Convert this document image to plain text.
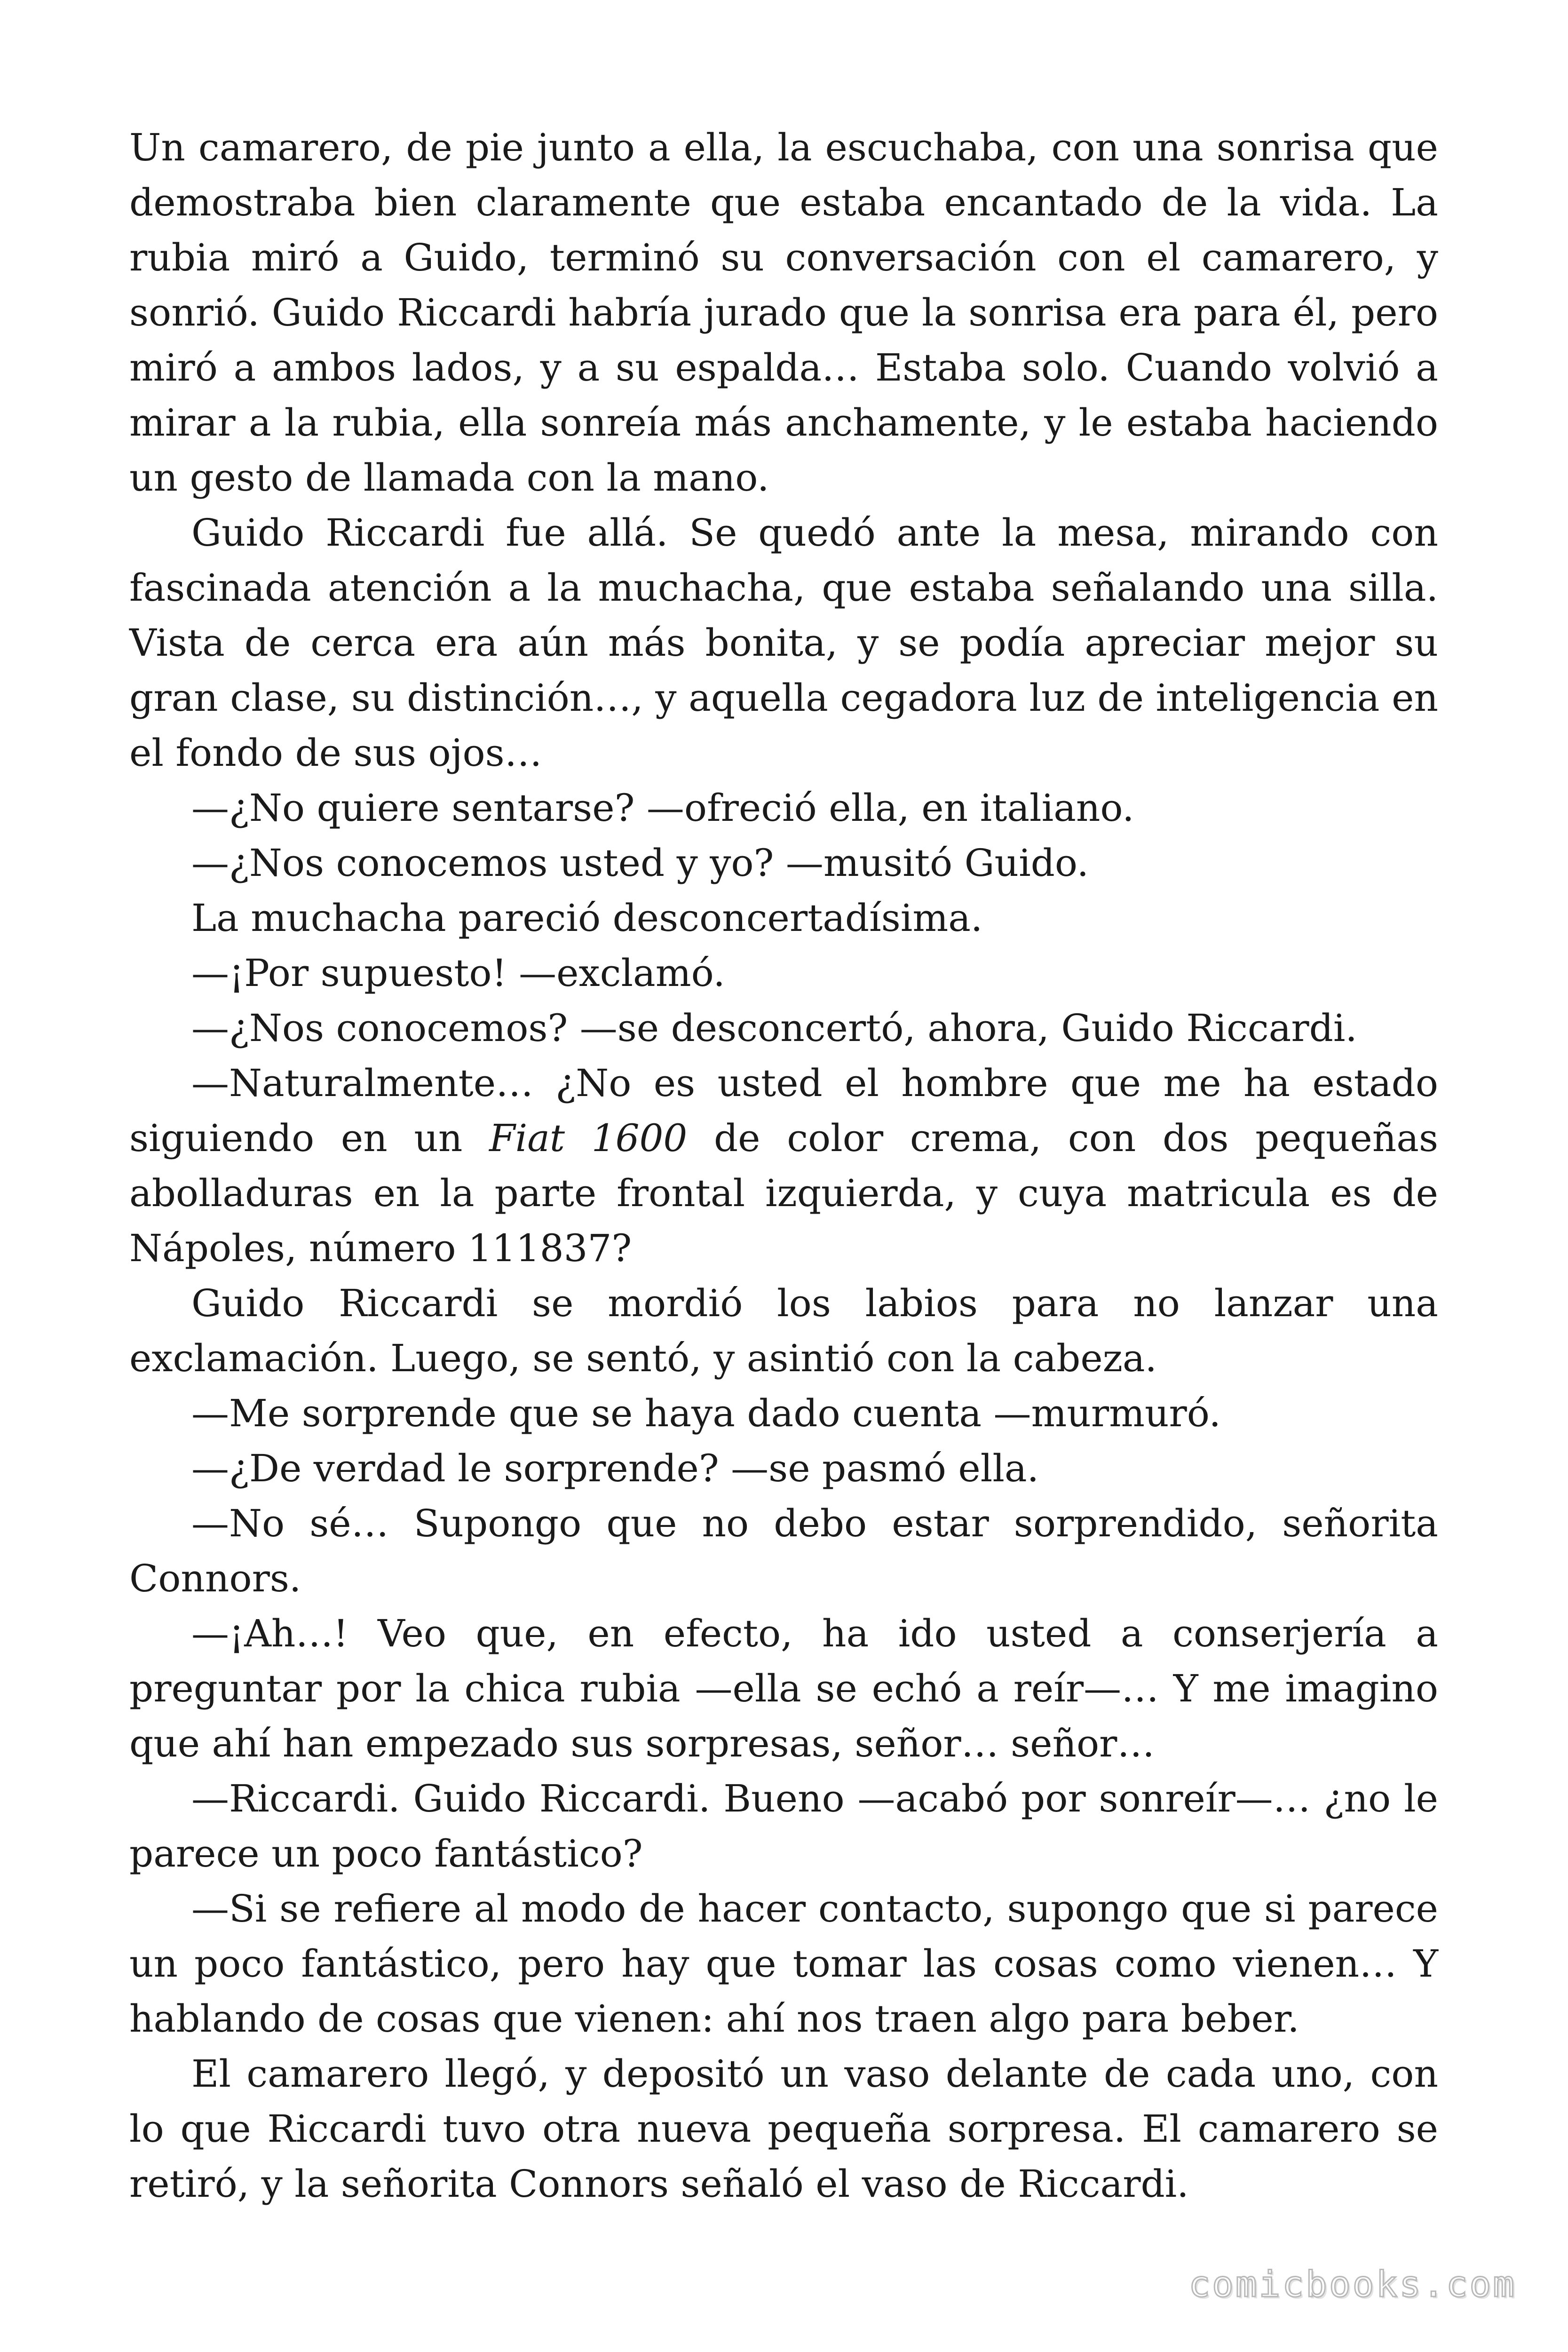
Un camarero, de pie junto a ella, la escuchaba, con una sonrisa que demostraba bien claramente que estaba encantado de la vida. La rubia miró a Guido, terminó su conversación con el camarero, y sonrió. Guido Riccardi habría jurado que la sonrisa era para él, pero miró a ambos lados, y a su espalda… Estaba solo. Cuando volvió a mirar a la rubia, ella sonreía más anchamente, y le estaba haciendo un gesto de llamada con la mano.

Guido Riccardi fue allá. Se quedó ante la mesa, mirando con fascinada atención a la muchacha, que estaba señalando una silla. Vista de cerca era aún más bonita, y se podía apreciar mejor su gran clase, su distinción…, y aquella cegadora luz de inteligencia en el fondo de sus ojos…

—¿No quiere sentarse? —ofreció ella, en italiano.

—¿Nos conocemos usted y yo? —musitó Guido.

La muchacha pareció desconcertadísima.

—¡Por supuesto! —exclamó.

—¿Nos conocemos? —se desconcertó, ahora, Guido Riccardi.

—Naturalmente… ¿No es usted el hombre que me ha estado siguiendo en un Fiat 1600 de color crema, con dos pequeñas abolladuras en la parte frontal izquierda, y cuya matricula es de Nápoles, número 111837?

Guido Riccardi se mordió los labios para no lanzar una exclamación. Luego, se sentó, y asintió con la cabeza.

—Me sorprende que se haya dado cuenta —murmuró.

—¿De verdad le sorprende? —se pasmó ella.

—No sé… Supongo que no debo estar sorprendido, señorita Connors.

—¡Ah…! Veo que, en efecto, ha ido usted a conserjería a preguntar por la chica rubia —ella se echó a reír—… Y me imagino que ahí han empezado sus sorpresas, señor… señor…

—Riccardi. Guido Riccardi. Bueno —acabó por sonreír—… ¿no le parece un poco fantástico?

—Si se refiere al modo de hacer contacto, supongo que si parece un poco fantástico, pero hay que tomar las cosas como vienen… Y hablando de cosas que vienen: ahí nos traen algo para beber.

El camarero llegó, y depositó un vaso delante de cada uno, con lo que Riccardi tuvo otra nueva pequeña sorpresa. El camarero se retiró, y la señorita Connors señaló el vaso de Riccardi.

comicbooks.com
